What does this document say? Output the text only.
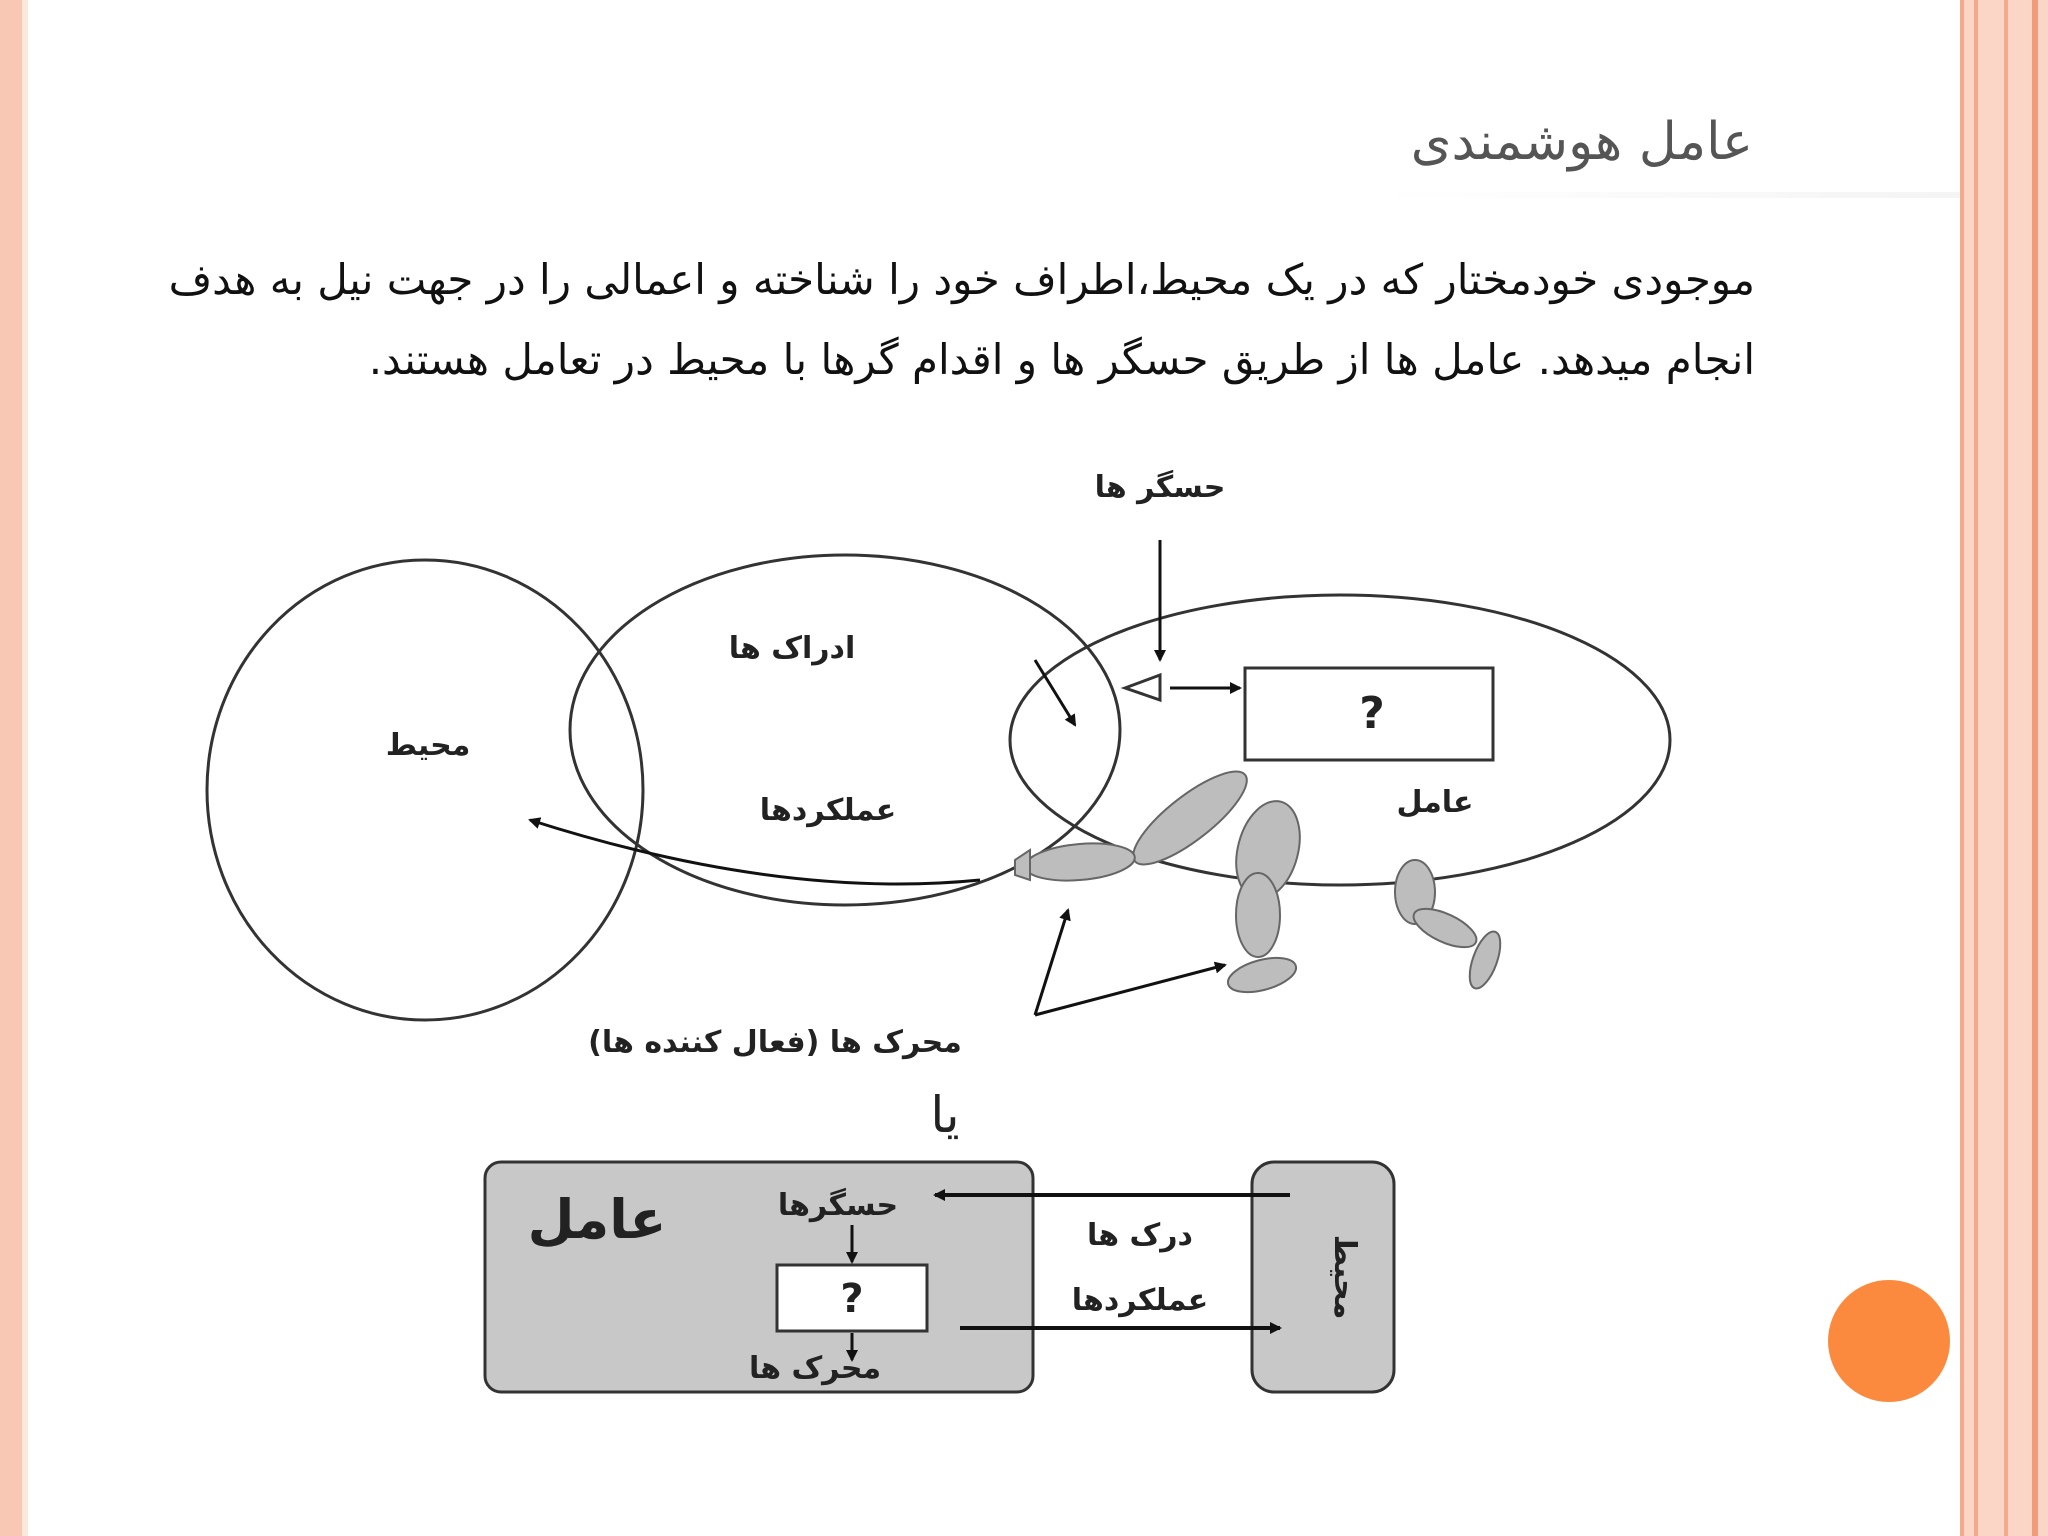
عامل هوشمندی
موجودی خودمختار که در یک محیط،اطراف خود را شناخته و اعمالی را در جهت نیل به هدف انجام میدهد. عامل ها از طریق حسگر ها و اقدام گرها با محیط در تعامل هستند.
حسگر ها
ادراک ها
محیط
عملکردها	عامل
?
محرک ها (فعال کننده ها)
یا
عامل	حسگرها
?
محرک ها
درک ها
عملکردها	محیط
